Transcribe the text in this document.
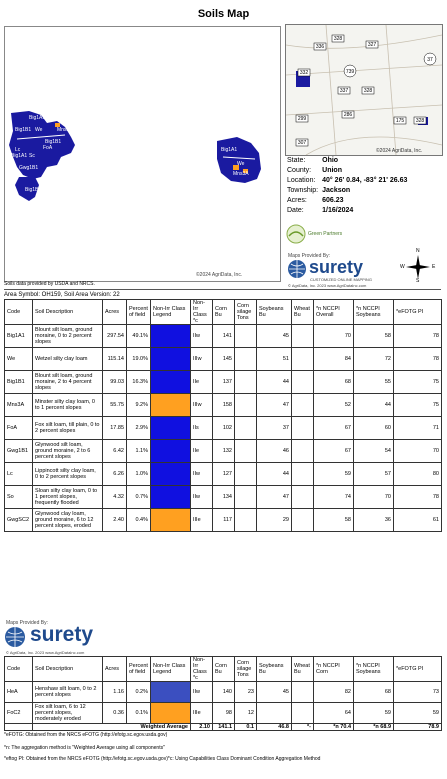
Soils Map
Big1A1
Big1B1 We
Big1B1
Mns3A
Lc	FoA
Big1A1 Sc
Gwg1B1
Big1B1
Big1A1
We
Mns3A
©2024 AgriData, Inc.
328
336	327
37
739
332
337	328
328
299
286
175
307
©2024 AgriData, Inc.
State:	Ohio
County:	Union
Location:	40° 26' 0.84, -83° 21' 26.63
Township:	Jackson
Acres:	606.23
Date:	1/16/2024
Green Partners
Maps Provided By:
surety
CUSTOMIZED ONLINE MAPPING
© AgriData, Inc. 2023 www.AgriDataInc.com
N
S
E
W
Soils data provided by USDA and NRCS.
Area Symbol: OH159, Soil Area Version: 22
Code	Soil Description	Acres	Percent of field	Non-Irr Class Legend	Non-Irr Class *c	Corn Bu	Corn silage Tons	Soybeans Bu	Wheat Bu	*n NCCPI Overall	*n NCCPI Soybeans	*eFOTG PI
Big1A1	Blount silt loam, ground moraine, 0 to 2 percent slopes	297.54	49.1%		IIw	141		45		70	58	78
We	Wetzel silty clay loam	115.14	19.0%		IIIw	145		51		84	72	78
Big1B1	Blount silt loam, ground moraine, 2 to 4 percent slopes	99.03	16.3%		IIe	137		44		68	55	75
Mns3A	Minster silty clay loam, 0 to 1 percent slopes	55.75	9.2%		IIIw	158		47		52	44	75
FoA	Fox silt loam, till plain, 0 to 2 percent slopes	17.85	2.9%		IIs	102		37		67	60	71
Gwg1B1	Glynwood silt loam, ground moraine, 2 to 6 percent slopes	6.42	1.1%		IIe	132		46		67	54	70
Lc	Lippincott silty clay loam, 0 to 2 percent slopes	6.26	1.0%		IIw	127		44		59	57	80
So	Sloan silty clay loam, 0 to 1 percent slopes, frequently flooded	4.32	0.7%		IIw	134		47		74	70	78
GwgSC2	Glynwood clay loam, ground moraine, 6 to 12 percent slopes, eroded	2.40	0.4%		IIIe	117		29		58	36	61
Maps Provided By:
surety
© AgriData, Inc. 2023 www.AgriDataInc.com
Code	Soil Description	Acres	Percent of field	Non-Irr Class Legend	Non-Irr Class *c	Corn Bu	Corn silage Tons	Soybeans Bu	Wheat Bu	*n NCCPI Corn	*n NCCPI Soybeans	*eFOTG PI
HeA	Henshaw silt loam, 0 to 2 percent slopes	1.16	0.2%		IIw	140	23	45		82	68	73
FoC2	Fox silt loam, 6 to 12 percent slopes, moderately eroded	0.36	0.1%		IIIe	98	12			64	59	59
	Weighted Average				2.10	141.1	0.1	46.8	*-	*n 70.4	*n 68.9	78.9
*eFOTG: Obtained from the NRCS eFOTG (http://efotg.sc.egov.usda.gov)
*n: The aggregation method is "Weighted Average using all components"
*eftog PI: Obtained from the NRCS eFOTG (http://efotg.sc.egov.usda.gov)*c: Using Capabilities Class Dominant Condition Aggregation Method
